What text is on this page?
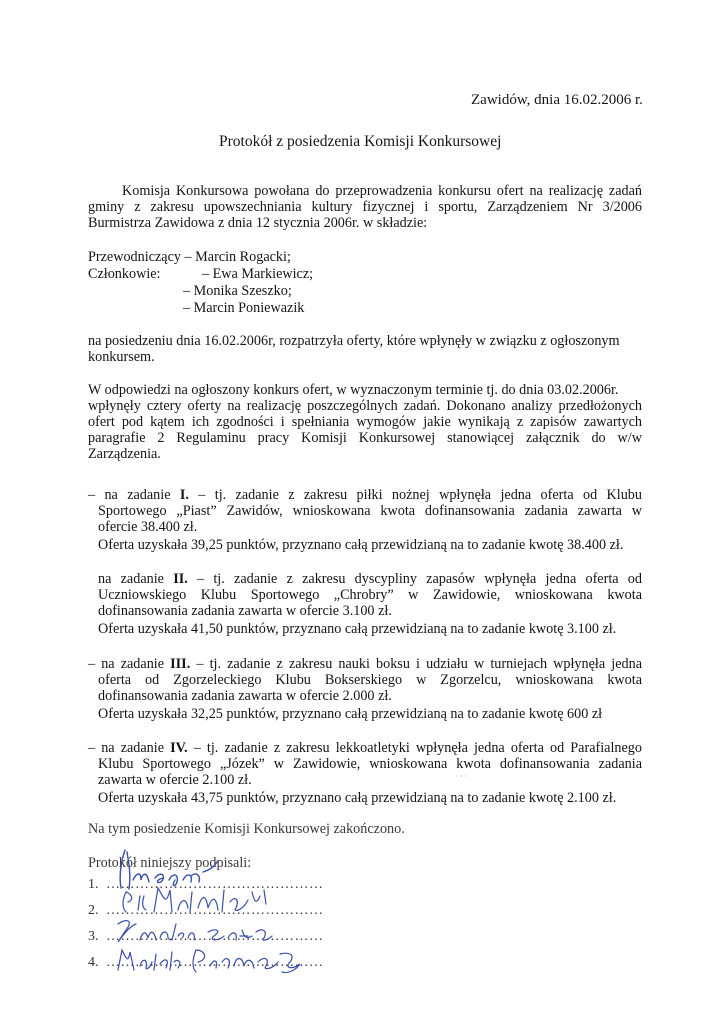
Zawidów, dnia 16.02.2006 r.
Protokół z posiedzenia Komisji Konkursowej
Komisja Konkursowa powołana do przeprowadzenia konkursu ofert na realizację zadań
gminy z zakresu upowszechniania kultury fizycznej i sportu, Zarządzeniem Nr 3/2006
Burmistrza Zawidowa z dnia 12 stycznia 2006r. w składzie:
Przewodniczący – Marcin Rogacki;
Członkowie:	– Ewa Markiewicz;
– Monika Szeszko;
– Marcin Poniewazik
na posiedzeniu dnia 16.02.2006r, rozpatrzyła oferty, które wpłynęły w związku z ogłoszonym
konkursem.
W odpowiedzi na ogłoszony konkurs ofert, w wyznaczonym terminie tj. do dnia 03.02.2006r.
wpłynęły cztery oferty na realizację poszczególnych zadań. Dokonano analizy przedłożonych
ofert pod kątem ich zgodności i spełniania wymogów jakie wynikają z zapisów zawartych
paragrafie 2 Regulaminu pracy Komisji Konkursowej stanowiącej załącznik do w/w
Zarządzenia.
– na zadanie I. – tj. zadanie z zakresu piłki nożnej wpłynęła jedna oferta od Klubu
Sportowego „Piast” Zawidów, wnioskowana kwota dofinansowania zadania zawarta w
ofercie 38.400 zł.
Oferta uzyskała 39,25 punktów, przyznano całą przewidzianą na to zadanie kwotę 38.400 zł.
na zadanie II. – tj. zadanie z zakresu dyscypliny zapasów wpłynęła jedna oferta od
Uczniowskiego Klubu Sportowego „Chrobry” w Zawidowie, wnioskowana kwota
dofinansowania zadania zawarta w ofercie 3.100 zł.
Oferta uzyskała 41,50 punktów, przyznano całą przewidzianą na to zadanie kwotę 3.100 zł.
– na zadanie III. – tj. zadanie z zakresu nauki boksu i udziału w turniejach wpłynęła jedna
oferta od Zgorzeleckiego Klubu Bokserskiego w Zgorzelcu, wnioskowana kwota
dofinansowania zadania zawarta w ofercie 2.000 zł.
Oferta uzyskała 32,25 punktów, przyznano całą przewidzianą na to zadanie kwotę 600 zł
– na zadanie IV. – tj. zadanie z zakresu lekkoatletyki wpłynęła jedna oferta od Parafialnego
Klubu Sportowego „Józek” w Zawidowie, wnioskowana kwota dofinansowania zadania
zawarta w ofercie 2.100 zł.
Oferta uzyskała 43,75 punktów, przyznano całą przewidzianą na to zadanie kwotę 2.100 zł.
· · ·
Na tym posiedzenie Komisji Konkursowej zakończono.
Protokół niniejszy podpisali:
1. ………………………………………
2. ………………………………………
3. ………………………………………
4. ………………………………………
